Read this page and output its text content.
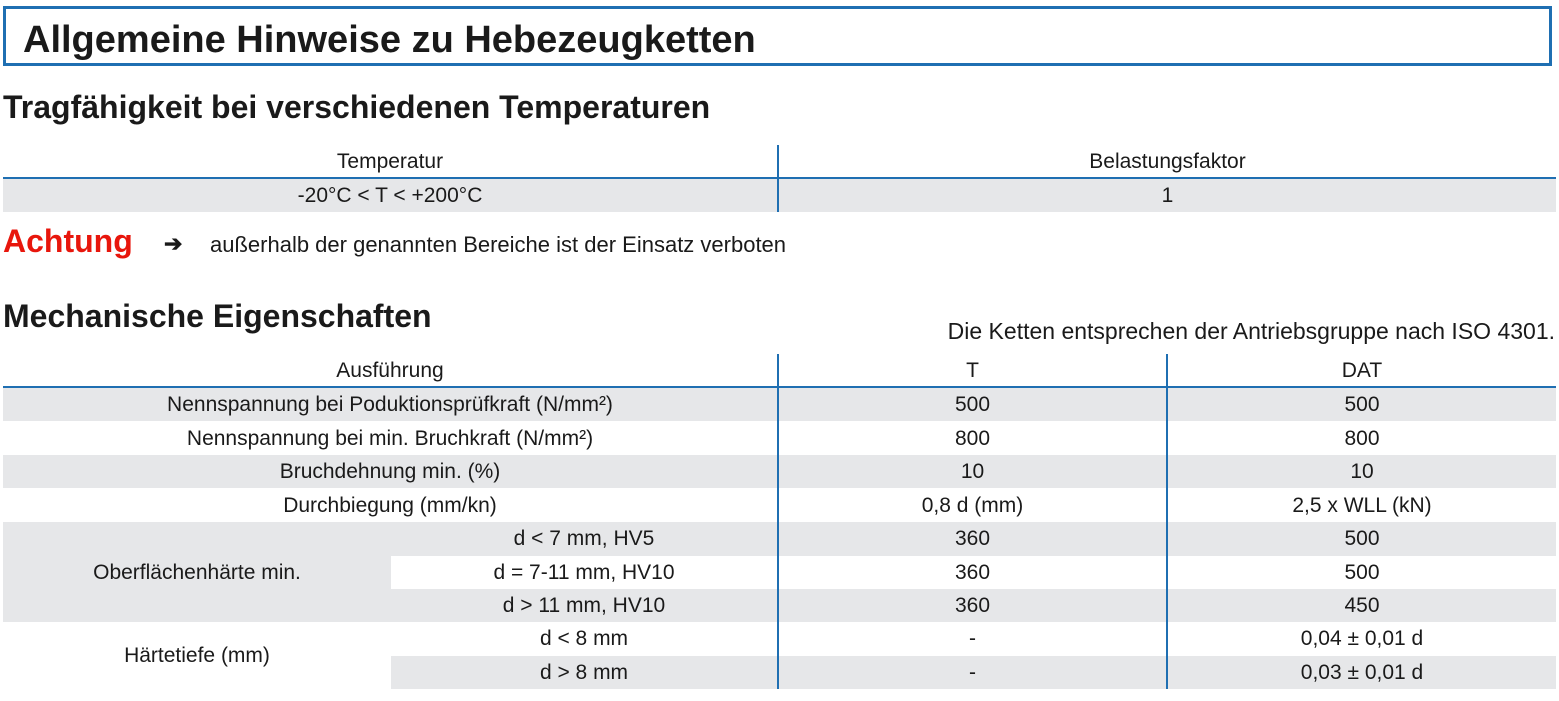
Allgemeine Hinweise zu Hebezeugketten
Tragfähigkeit bei verschiedenen Temperaturen
Temperatur	Belastungsfaktor
-20°C < T < +200°C	1
Achtung ➔ außerhalb der genannten Bereiche ist der Einsatz verboten
Mechanische Eigenschaften	Die Ketten entsprechen der Antriebsgruppe nach ISO 4301.
Ausführung	T	DAT
Nennspannung bei Poduktionsprüfkraft (N/mm²)	500	500
Nennspannung bei min. Bruchkraft (N/mm²)	800	800
Bruchdehnung min. (%)	10	10
Durchbiegung (mm/kn)	0,8 d (mm)	2,5 x WLL (kN)
Oberflächenhärte min.
d < 7 mm, HV5	360	500
d = 7-11 mm, HV10	360	500
d > 11 mm, HV10	360	450
Härtetiefe (mm)
d < 8 mm	-	0,04 ± 0,01 d
d > 8 mm	-	0,03 ± 0,01 d
